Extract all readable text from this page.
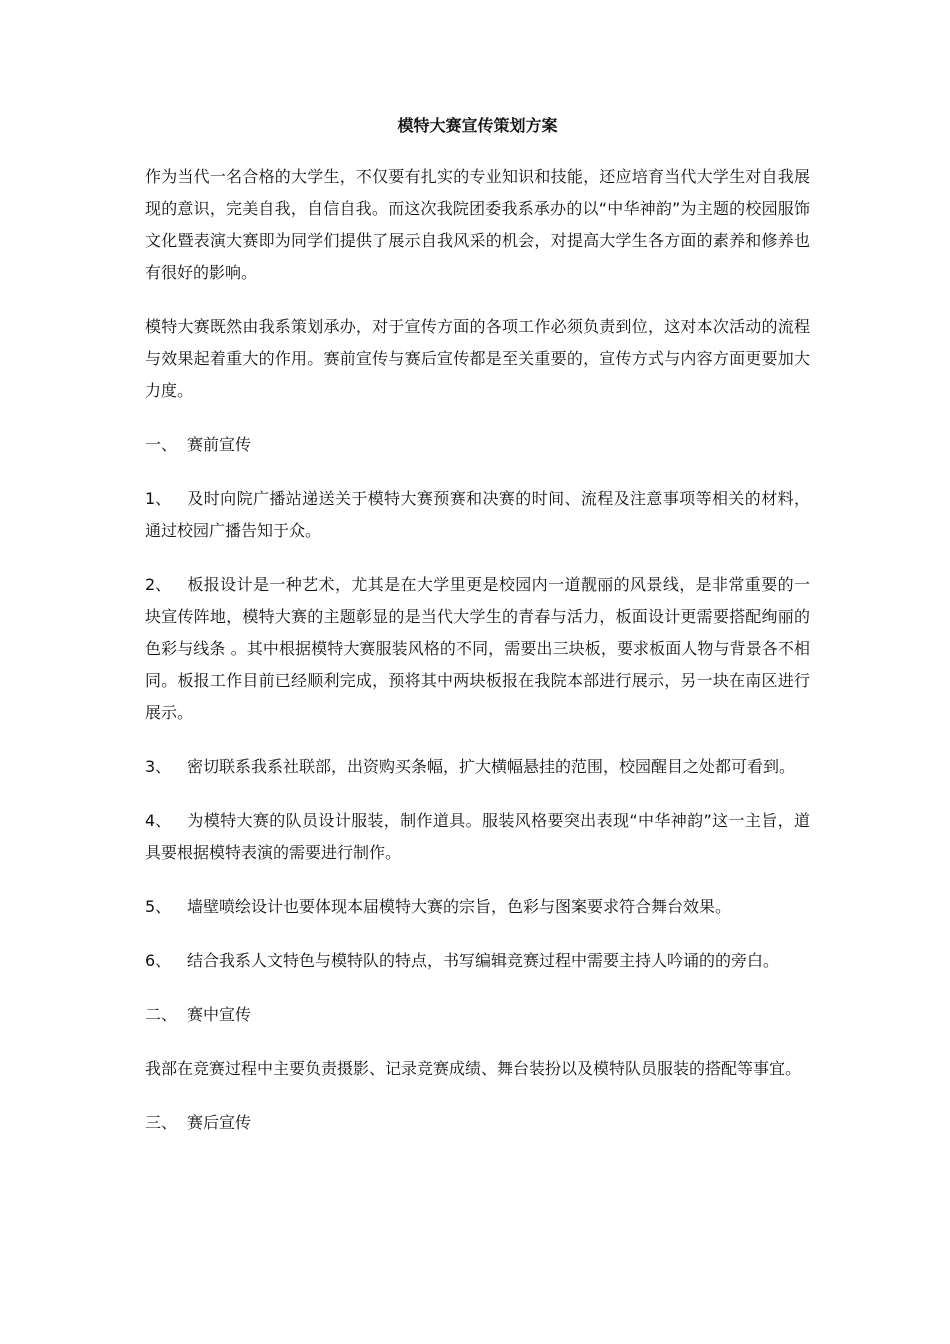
模特大赛宣传策划方案

作为当代一名合格的大学生，不仅要有扎实的专业知识和技能，还应培育当代大学生对自我展现的意识，完美自我，自信自我。而这次我院团委我系承办的以“中华神韵”为主题的校园服饰文化暨表演大赛即为同学们提供了展示自我风采的机会，对提高大学生各方面的素养和修养也有很好的影响。

模特大赛既然由我系策划承办，对于宣传方面的各项工作必须负责到位，这对本次活动的流程与效果起着重大的作用。赛前宣传与赛后宣传都是至关重要的，宣传方式与内容方面更要加大力度。

一、 赛前宣传

1、 及时向院广播站递送关于模特大赛预赛和决赛的时间、流程及注意事项等相关的材料，通过校园广播告知于众。

2、 板报设计是一种艺术，尤其是在大学里更是校园内一道靓丽的风景线，是非常重要的一块宣传阵地，模特大赛的主题彰显的是当代大学生的青春与活力，板面设计更需要搭配绚丽的色彩与线条 。其中根据模特大赛服装风格的不同，需要出三块板，要求板面人物与背景各不相同。板报工作目前已经顺利完成，预将其中两块板报在我院本部进行展示，另一块在南区进行展示。

3、 密切联系我系社联部，出资购买条幅，扩大横幅悬挂的范围，校园醒目之处都可看到。

4、 为模特大赛的队员设计服装，制作道具。服装风格要突出表现“中华神韵”这一主旨，道具要根据模特表演的需要进行制作。

5、 墙壁喷绘设计也要体现本届模特大赛的宗旨，色彩与图案要求符合舞台效果。

6、 结合我系人文特色与模特队的特点，书写编辑竞赛过程中需要主持人吟诵的的旁白。

二、 赛中宣传

我部在竞赛过程中主要负责摄影、记录竞赛成绩、舞台装扮以及模特队员服装的搭配等事宜。

三、 赛后宣传
